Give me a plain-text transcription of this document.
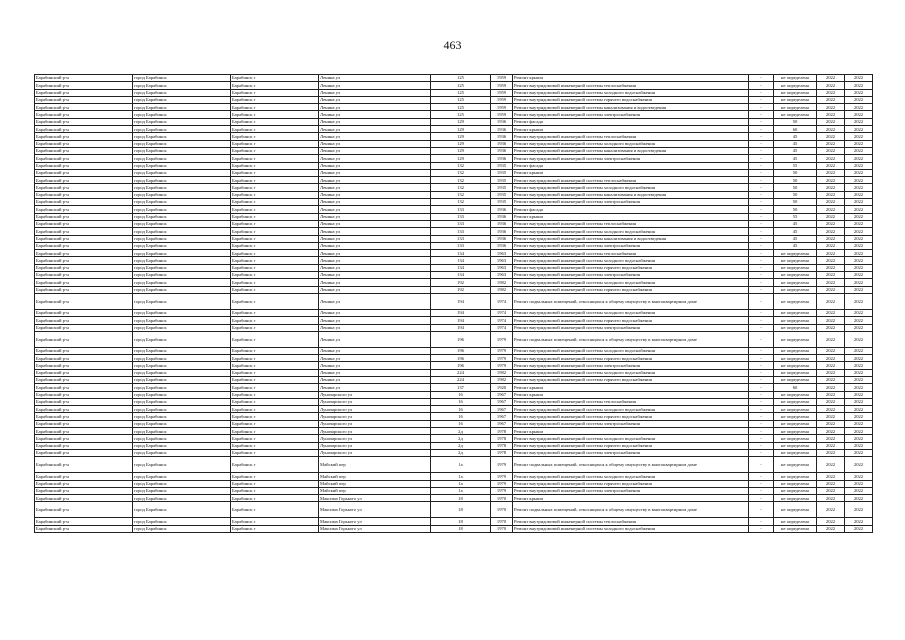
463
Барабинский р-н	город Барабинск	Барабинск г	Ленина ул	125	1959	Ремонт крыши	-	не определена	2022	2022
Барабинский р-н	город Барабинск	Барабинск г	Ленина ул	125	1959	Ремонт внутридомовой инженерной системы теплоснабжения	-	не определена	2022	2022
Барабинский р-н	город Барабинск	Барабинск г	Ленина ул	125	1959	Ремонт внутридомовой инженерной системы холодного водоснабжения	-	не определена	2022	2022
Барабинский р-н	город Барабинск	Барабинск г	Ленина ул	125	1959	Ремонт внутридомовой инженерной системы горячего водоснабжения	-	не определена	2022	2022
Барабинский р-н	город Барабинск	Барабинск г	Ленина ул	125	1959	Ремонт внутридомовой инженерной системы канализования и водоотведения	-	не определена	2022	2022
Барабинский р-н	город Барабинск	Барабинск г	Ленина ул	125	1959	Ремонт внутридомовой инженерной системы электроснабжения	-	не определена	2022	2022
Барабинский р-н	город Барабинск	Барабинск г	Ленина ул	129	1936	Ремонт фасада	-	50	2022	2022
Барабинский р-н	город Барабинск	Барабинск г	Ленина ул	129	1936	Ремонт крыши	-	60	2022	2022
Барабинский р-н	город Барабинск	Барабинск г	Ленина ул	129	1936	Ремонт внутридомовой инженерной системы теплоснабжения	-	45	2022	2022
Барабинский р-н	город Барабинск	Барабинск г	Ленина ул	129	1936	Ремонт внутридомовой инженерной системы холодного водоснабжения	-	45	2022	2022
Барабинский р-н	город Барабинск	Барабинск г	Ленина ул	129	1936	Ремонт внутридомовой инженерной системы канализования и водоотведения	-	45	2022	2022
Барабинский р-н	город Барабинск	Барабинск г	Ленина ул	129	1936	Ремонт внутридомовой инженерной системы электроснабжения	-	45	2022	2022
Барабинский р-н	город Барабинск	Барабинск г	Ленина ул	132	1935	Ремонт фасада	-	55	2022	2022
Барабинский р-н	город Барабинск	Барабинск г	Ленина ул	132	1935	Ремонт крыши	-	50	2022	2022
Барабинский р-н	город Барабинск	Барабинск г	Ленина ул	132	1935	Ремонт внутридомовой инженерной системы теплоснабжения	-	50	2022	2022
Барабинский р-н	город Барабинск	Барабинск г	Ленина ул	132	1935	Ремонт внутридомовой инженерной системы холодного водоснабжения	-	50	2022	2022
Барабинский р-н	город Барабинск	Барабинск г	Ленина ул	132	1935	Ремонт внутридомовой инженерной системы канализования и водоотведения	-	50	2022	2022
Барабинский р-н	город Барабинск	Барабинск г	Ленина ул	132	1935	Ремонт внутридомовой инженерной системы электроснабжения	-	50	2022	2022
Барабинский р-н	город Барабинск	Барабинск г	Ленина ул	133	1936	Ремонт фасада	-	50	2022	2022
Барабинский р-н	город Барабинск	Барабинск г	Ленина ул	133	1936	Ремонт крыши	-	55	2022	2022
Барабинский р-н	город Барабинск	Барабинск г	Ленина ул	133	1936	Ремонт внутридомовой инженерной системы теплоснабжения	-	45	2022	2022
Барабинский р-н	город Барабинск	Барабинск г	Ленина ул	133	1936	Ремонт внутридомовой инженерной системы холодного водоснабжения	-	45	2022	2022
Барабинский р-н	город Барабинск	Барабинск г	Ленина ул	133	1936	Ремонт внутридомовой инженерной системы канализования и водоотведения	-	45	2022	2022
Барабинский р-н	город Барабинск	Барабинск г	Ленина ул	133	1936	Ремонт внутридомовой инженерной системы электроснабжения	-	45	2022	2022
Барабинский р-н	город Барабинск	Барабинск г	Ленина ул	134	1963	Ремонт внутридомовой инженерной системы теплоснабжения	-	не определена	2022	2022
Барабинский р-н	город Барабинск	Барабинск г	Ленина ул	134	1963	Ремонт внутридомовой инженерной системы холодного водоснабжения	-	не определена	2022	2022
Барабинский р-н	город Барабинск	Барабинск г	Ленина ул	134	1963	Ремонт внутридомовой инженерной системы горячего водоснабжения	-	не определена	2022	2022
Барабинский р-н	город Барабинск	Барабинск г	Ленина ул	134	1963	Ремонт внутридомовой инженерной системы электроснабжения	-	не определена	2022	2022
Барабинский р-н	город Барабинск	Барабинск г	Ленина ул	192	1982	Ремонт внутридомовой инженерной системы холодного водоснабжения	-	не определена	2022	2022
Барабинский р-н	город Барабинск	Барабинск г	Ленина ул	192	1982	Ремонт внутридомовой инженерной системы горячего водоснабжения	-	не определена	2022	2022
Барабинский р-н	город Барабинск	Барабинск г	Ленина ул	194	1974	Ремонт подвальных помещений, относящихся к общему имуществу в многоквартирном доме	-	не определена	2022	2022
Барабинский р-н	город Барабинск	Барабинск г	Ленина ул	194	1974	Ремонт внутридомовой инженерной системы холодного водоснабжения	-	не определена	2022	2022
Барабинский р-н	город Барабинск	Барабинск г	Ленина ул	194	1974	Ремонт внутридомовой инженерной системы горячего водоснабжения	-	не определена	2022	2022
Барабинский р-н	город Барабинск	Барабинск г	Ленина ул	194	1974	Ремонт внутридомовой инженерной системы электроснабжения	-	не определена	2022	2022
Барабинский р-н	город Барабинск	Барабинск г	Ленина ул	196	1979	Ремонт подвальных помещений, относящихся к общему имуществу в многоквартирном доме	-	не определена	2022	2022
Барабинский р-н	город Барабинск	Барабинск г	Ленина ул	196	1979	Ремонт внутридомовой инженерной системы холодного водоснабжения	-	не определена	2022	2022
Барабинский р-н	город Барабинск	Барабинск г	Ленина ул	196	1979	Ремонт внутридомовой инженерной системы горячего водоснабжения	-	не определена	2022	2022
Барабинский р-н	город Барабинск	Барабинск г	Ленина ул	196	1979	Ремонт внутридомовой инженерной системы электроснабжения	-	не определена	2022	2022
Барабинский р-н	город Барабинск	Барабинск г	Ленина ул	224	1982	Ремонт внутридомовой инженерной системы холодного водоснабжения	-	не определена	2022	2022
Барабинский р-н	город Барабинск	Барабинск г	Ленина ул	224	1982	Ремонт внутридомовой инженерной системы горячего водоснабжения	-	не определена	2022	2022
Барабинский р-н	город Барабинск	Барабинск г	Ленина ул	137	1920	Ремонт крыши	-	60	2022	2022
Барабинский р-н	город Барабинск	Барабинск г	Луначарского ул	16	1967	Ремонт крыши	-	не определена	2022	2022
Барабинский р-н	город Барабинск	Барабинск г	Луначарского ул	16	1967	Ремонт внутридомовой инженерной системы теплоснабжения	-	не определена	2022	2022
Барабинский р-н	город Барабинск	Барабинск г	Луначарского ул	16	1967	Ремонт внутридомовой инженерной системы холодного водоснабжения	-	не определена	2022	2022
Барабинский р-н	город Барабинск	Барабинск г	Луначарского ул	16	1967	Ремонт внутридомовой инженерной системы горячего водоснабжения	-	не определена	2022	2022
Барабинский р-н	город Барабинск	Барабинск г	Луначарского ул	16	1967	Ремонт внутридомовой инженерной системы электроснабжения	-	не определена	2022	2022
Барабинский р-н	город Барабинск	Барабинск г	Луначарского ул	2д	1978	Ремонт крыши	-	не определена	2022	2022
Барабинский р-н	город Барабинск	Барабинск г	Луначарского ул	2д	1978	Ремонт внутридомовой инженерной системы холодного водоснабжения	-	не определена	2022	2022
Барабинский р-н	город Барабинск	Барабинск г	Луначарского ул	2д	1978	Ремонт внутридомовой инженерной системы горячего водоснабжения	-	не определена	2022	2022
Барабинский р-н	город Барабинск	Барабинск г	Луначарского ул	2д	1978	Ремонт внутридомовой инженерной системы электроснабжения	-	не определена	2022	2022
Барабинский р-н	город Барабинск	Барабинск г	Майский пер	1а	1979	Ремонт подвальных помещений, относящихся к общему имуществу в многоквартирном доме	-	не определена	2022	2022
Барабинский р-н	город Барабинск	Барабинск г	Майский пер	1а	1979	Ремонт внутридомовой инженерной системы холодного водоснабжения	-	не определена	2022	2022
Барабинский р-н	город Барабинск	Барабинск г	Майский пер	1а	1979	Ремонт внутридомовой инженерной системы горячего водоснабжения	-	не определена	2022	2022
Барабинский р-н	город Барабинск	Барабинск г	Майский пер	1а	1979	Ремонт внутридомовой инженерной системы электроснабжения	-	не определена	2022	2022
Барабинский р-н	город Барабинск	Барабинск г	Максима Горького ул	18	1970	Ремонт крыши	-	не определена	2022	2022
Барабинский р-н	город Барабинск	Барабинск г	Максима Горького ул	18	1970	Ремонт подвальных помещений, относящихся к общему имуществу в многоквартирном доме	-	не определена	2022	2022
Барабинский р-н	город Барабинск	Барабинск г	Максима Горького ул	18	1970	Ремонт внутридомовой инженерной системы теплоснабжения	-	не определена	2022	2022
Барабинский р-н	город Барабинск	Барабинск г	Максима Горького ул	18	1970	Ремонт внутридомовой инженерной системы холодного водоснабжения	-	не определена	2022	2022
